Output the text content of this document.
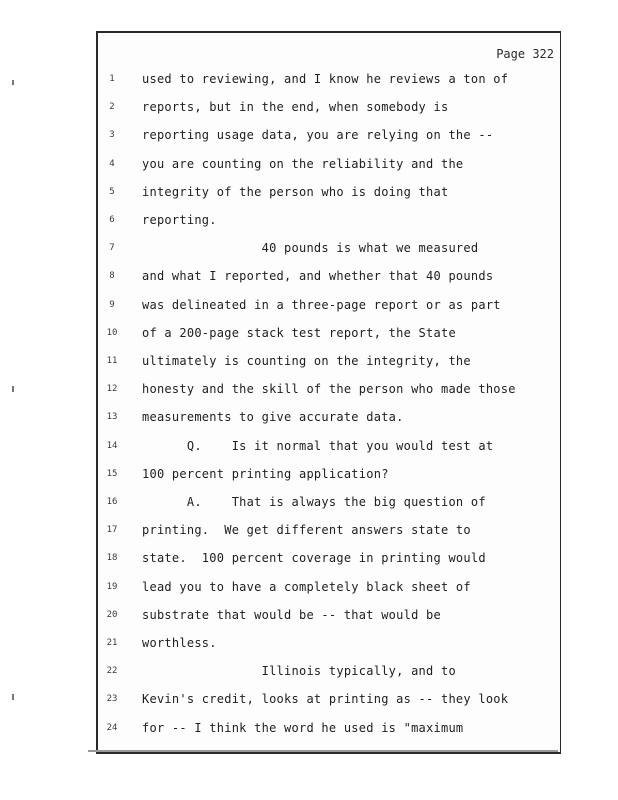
Page 322
1	used to reviewing, and I know he reviews a ton of
2	reports, but in the end, when somebody is
3	reporting usage data, you are relying on the --
4	you are counting on the reliability and the
5	integrity of the person who is doing that
6	reporting.
7	40 pounds is what we measured
8	and what I reported, and whether that 40 pounds
9	was delineated in a three-page report or as part
10	of a 200-page stack test report, the State
11	ultimately is counting on the integrity, the
12	honesty and the skill of the person who made those
13	measurements to give accurate data.
14	Q.    Is it normal that you would test at
15	100 percent printing application?
16	A.    That is always the big question of
17	printing.  We get different answers state to
18	state.  100 percent coverage in printing would
19	lead you to have a completely black sheet of
20	substrate that would be -- that would be
21	worthless.
22	Illinois typically, and to
23	Kevin's credit, looks at printing as -- they look
24	for -- I think the word he used is "maximum
